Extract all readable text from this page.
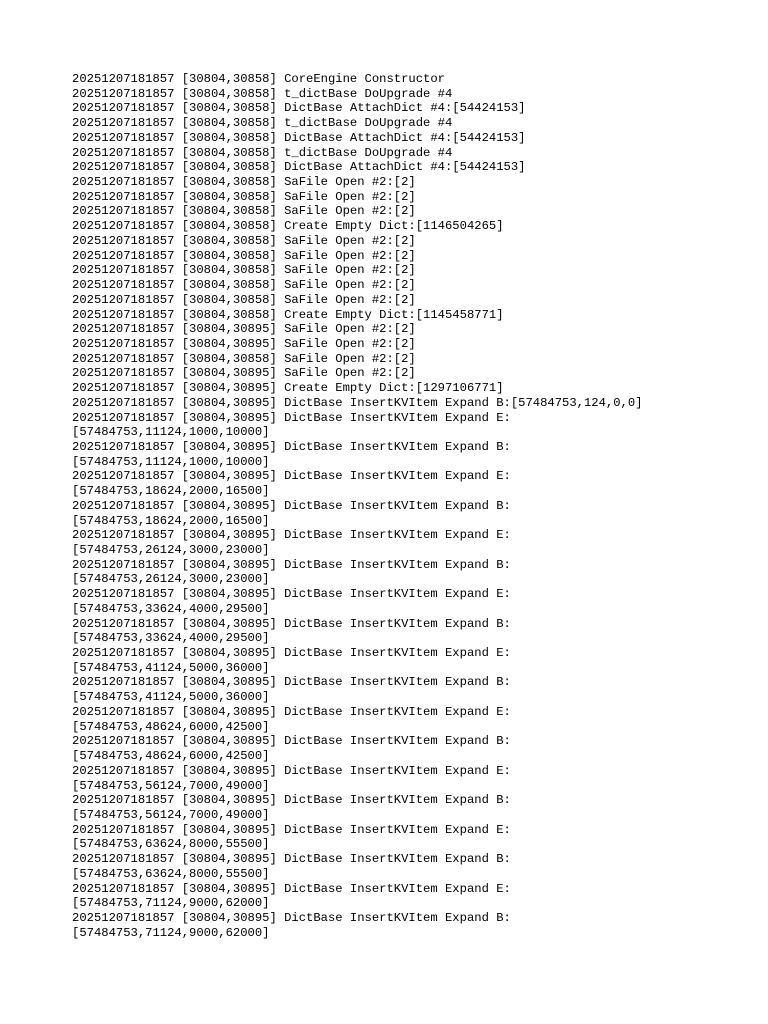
20251207181857 [30804,30858] CoreEngine Constructor

20251207181857 [30804,30858] t_dictBase DoUpgrade #4

20251207181857 [30804,30858] DictBase AttachDict #4:[54424153]

20251207181857 [30804,30858] t_dictBase DoUpgrade #4

20251207181857 [30804,30858] DictBase AttachDict #4:[54424153]

20251207181857 [30804,30858] t_dictBase DoUpgrade #4

20251207181857 [30804,30858] DictBase AttachDict #4:[54424153]

20251207181857 [30804,30858] SaFile Open #2:[2]

20251207181857 [30804,30858] SaFile Open #2:[2]

20251207181857 [30804,30858] SaFile Open #2:[2]

20251207181857 [30804,30858] Create Empty Dict:[1146504265]

20251207181857 [30804,30858] SaFile Open #2:[2]

20251207181857 [30804,30858] SaFile Open #2:[2]

20251207181857 [30804,30858] SaFile Open #2:[2]

20251207181857 [30804,30858] SaFile Open #2:[2]

20251207181857 [30804,30858] SaFile Open #2:[2]

20251207181857 [30804,30858] Create Empty Dict:[1145458771]

20251207181857 [30804,30895] SaFile Open #2:[2]

20251207181857 [30804,30895] SaFile Open #2:[2]

20251207181857 [30804,30858] SaFile Open #2:[2]

20251207181857 [30804,30895] SaFile Open #2:[2]

20251207181857 [30804,30895] Create Empty Dict:[1297106771]

20251207181857 [30804,30895] DictBase InsertKVItem Expand B:[57484753,124,0,0]

20251207181857 [30804,30895] DictBase InsertKVItem Expand E:

[57484753,11124,1000,10000]

20251207181857 [30804,30895] DictBase InsertKVItem Expand B:

[57484753,11124,1000,10000]

20251207181857 [30804,30895] DictBase InsertKVItem Expand E:

[57484753,18624,2000,16500]

20251207181857 [30804,30895] DictBase InsertKVItem Expand B:

[57484753,18624,2000,16500]

20251207181857 [30804,30895] DictBase InsertKVItem Expand E:

[57484753,26124,3000,23000]

20251207181857 [30804,30895] DictBase InsertKVItem Expand B:

[57484753,26124,3000,23000]

20251207181857 [30804,30895] DictBase InsertKVItem Expand E:

[57484753,33624,4000,29500]

20251207181857 [30804,30895] DictBase InsertKVItem Expand B:

[57484753,33624,4000,29500]

20251207181857 [30804,30895] DictBase InsertKVItem Expand E:

[57484753,41124,5000,36000]

20251207181857 [30804,30895] DictBase InsertKVItem Expand B:

[57484753,41124,5000,36000]

20251207181857 [30804,30895] DictBase InsertKVItem Expand E:

[57484753,48624,6000,42500]

20251207181857 [30804,30895] DictBase InsertKVItem Expand B:

[57484753,48624,6000,42500]

20251207181857 [30804,30895] DictBase InsertKVItem Expand E:

[57484753,56124,7000,49000]

20251207181857 [30804,30895] DictBase InsertKVItem Expand B:

[57484753,56124,7000,49000]

20251207181857 [30804,30895] DictBase InsertKVItem Expand E:

[57484753,63624,8000,55500]

20251207181857 [30804,30895] DictBase InsertKVItem Expand B:

[57484753,63624,8000,55500]

20251207181857 [30804,30895] DictBase InsertKVItem Expand E:

[57484753,71124,9000,62000]

20251207181857 [30804,30895] DictBase InsertKVItem Expand B:

[57484753,71124,9000,62000]
